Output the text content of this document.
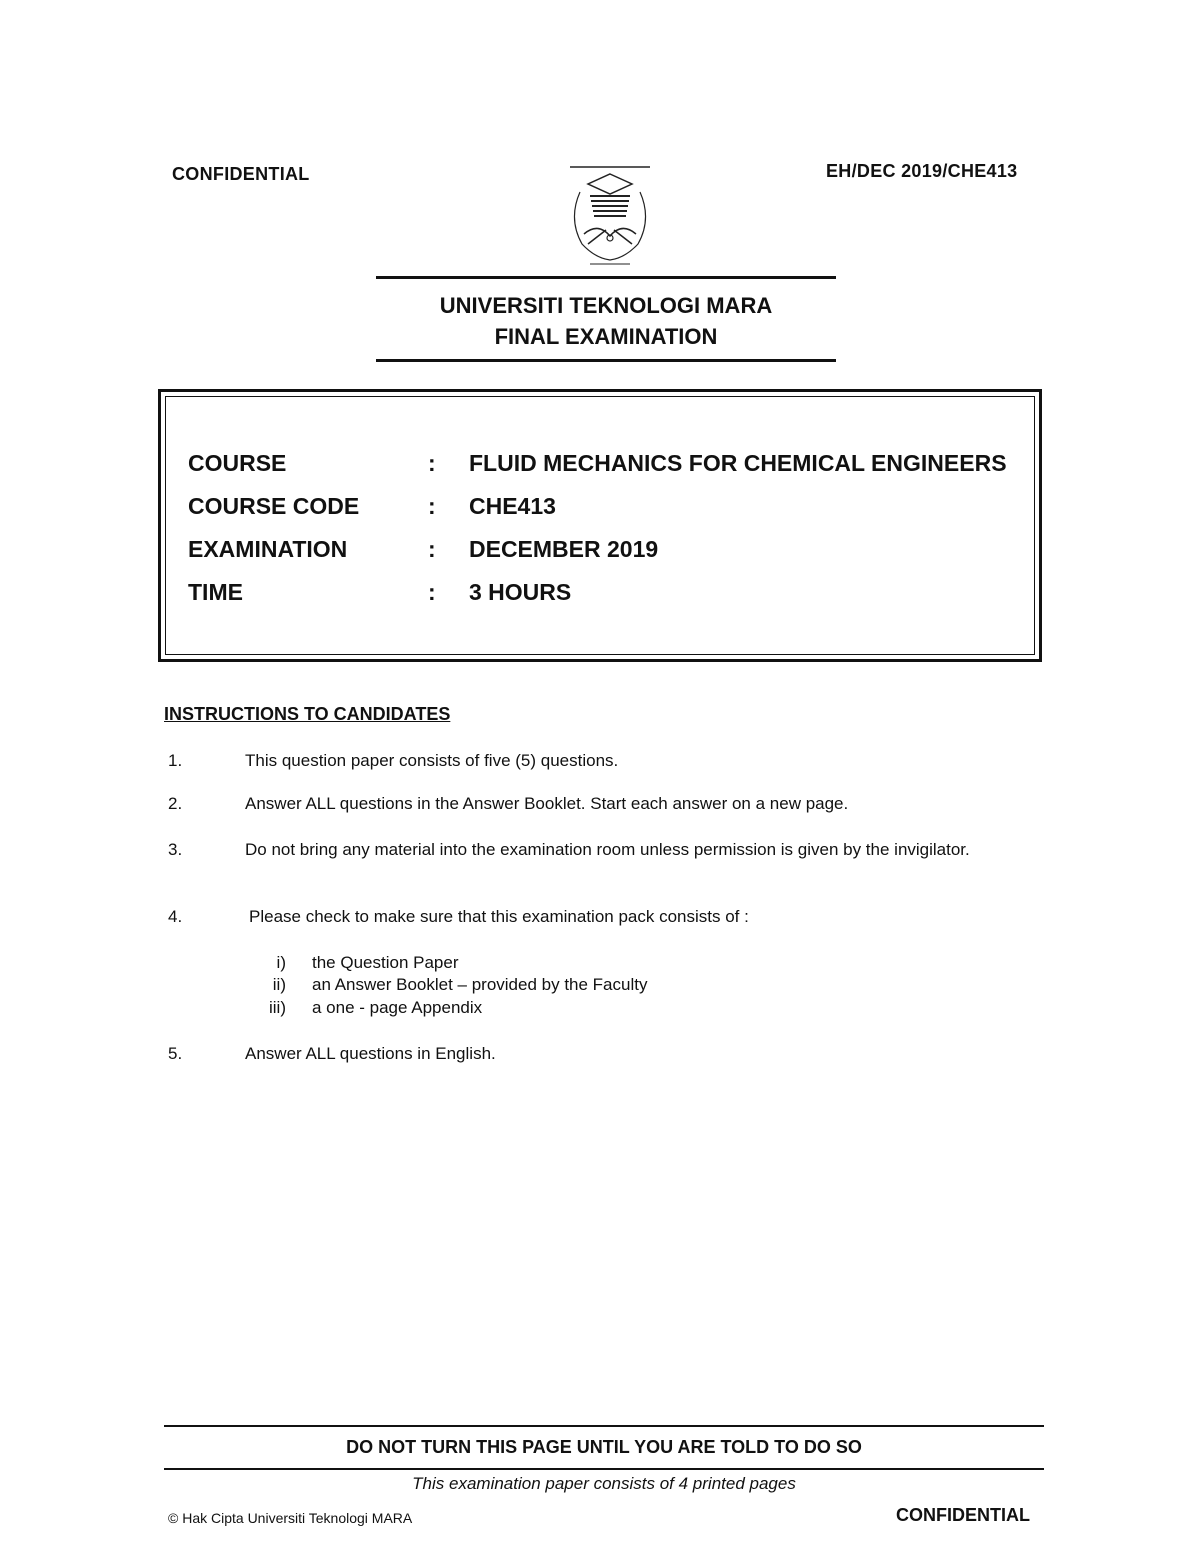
CONFIDENTIAL	EH/DEC 2019/CHE413
UNIVERSITI TEKNOLOGI MARA
FINAL EXAMINATION
COURSE	: FLUID MECHANICS FOR CHEMICAL ENGINEERS
COURSE CODE	: CHE413
EXAMINATION	: DECEMBER 2019
TIME	: 3 HOURS
INSTRUCTIONS TO CANDIDATES
1.	This question paper consists of five (5) questions.
2.	Answer ALL questions in the Answer Booklet. Start each answer on a new page.
3.	Do not bring any material into the examination room unless permission is given by the invigilator.
4.	Please check to make sure that this examination pack consists of :
i) the Question Paper
ii) an Answer Booklet – provided by the Faculty
iii) a one - page Appendix
5.	Answer ALL questions in English.
DO NOT TURN THIS PAGE UNTIL YOU ARE TOLD TO DO SO
This examination paper consists of 4 printed pages
© Hak Cipta Universiti Teknologi MARA	CONFIDENTIAL
